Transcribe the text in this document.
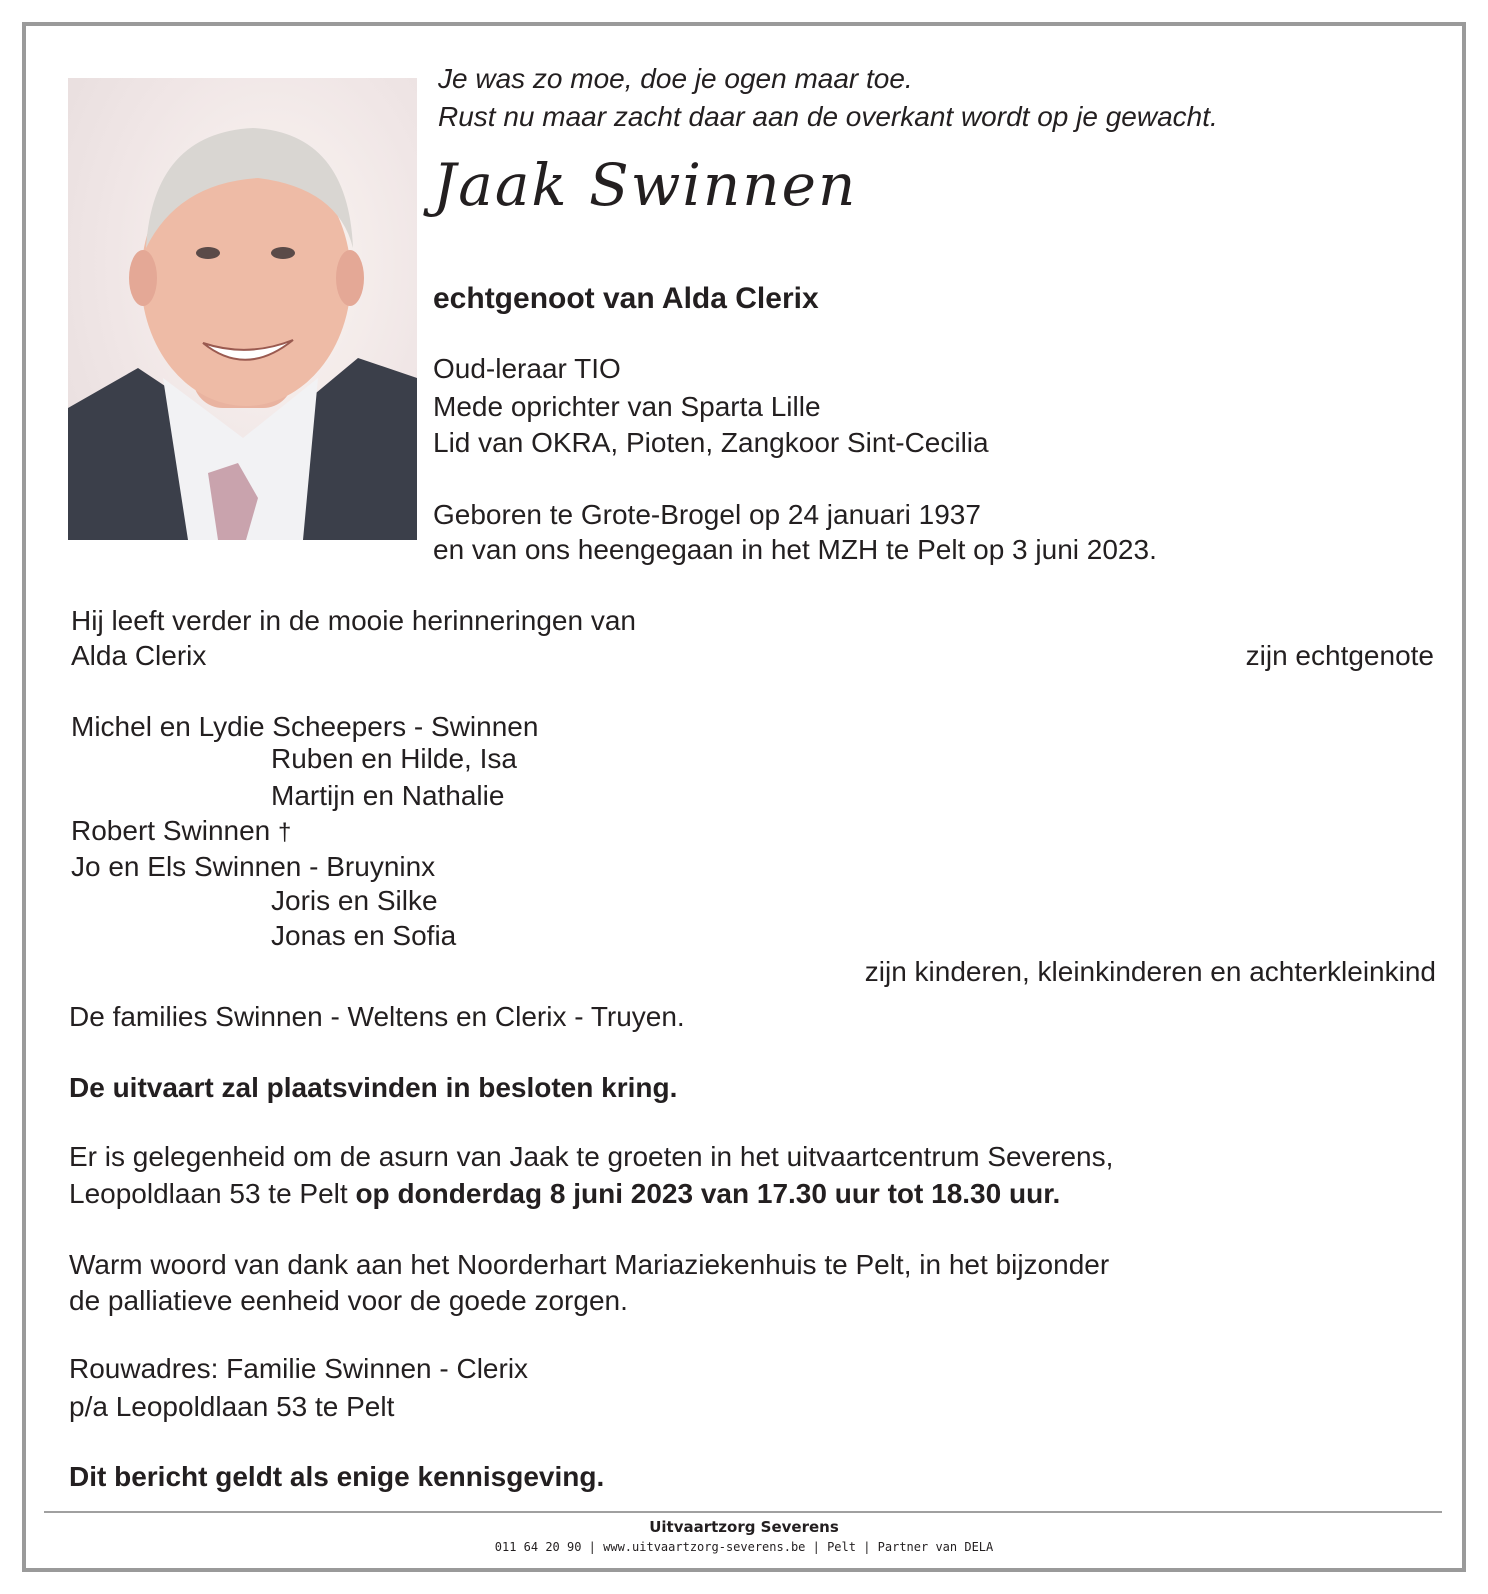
Je was zo moe, doe je ogen maar toe.
Rust nu maar zacht daar aan de overkant wordt op je gewacht.
Jaak Swinnen
echtgenoot van Alda Clerix
Oud-leraar TIO
Mede oprichter van Sparta Lille
Lid van OKRA, Pioten, Zangkoor Sint-Cecilia
Geboren te Grote-Brogel op 24 januari 1937
en van ons heengegaan in het MZH te Pelt op 3 juni 2023.
Hij leeft verder in de mooie herinneringen van
Alda Clerix	zijn echtgenote
Michel en Lydie Scheepers - Swinnen
Ruben en Hilde, Isa
Martijn en Nathalie
Robert Swinnen †
Jo en Els Swinnen - Bruyninx
Joris en Silke
Jonas en Sofia
zijn kinderen, kleinkinderen en achterkleinkind
De families Swinnen - Weltens en Clerix - Truyen.
De uitvaart zal plaatsvinden in besloten kring.
Er is gelegenheid om de asurn van Jaak te groeten in het uitvaartcentrum Severens,
Leopoldlaan 53 te Pelt op donderdag 8 juni 2023 van 17.30 uur tot 18.30 uur.
Warm woord van dank aan het Noorderhart Mariaziekenhuis te Pelt, in het bijzonder
de palliatieve eenheid voor de goede zorgen.
Rouwadres: Familie Swinnen - Clerix
p/a Leopoldlaan 53 te Pelt
Dit bericht geldt als enige kennisgeving.
Uitvaartzorg Severens
011 64 20 90 | www.uitvaartzorg-severens.be | Pelt | Partner van DELA
